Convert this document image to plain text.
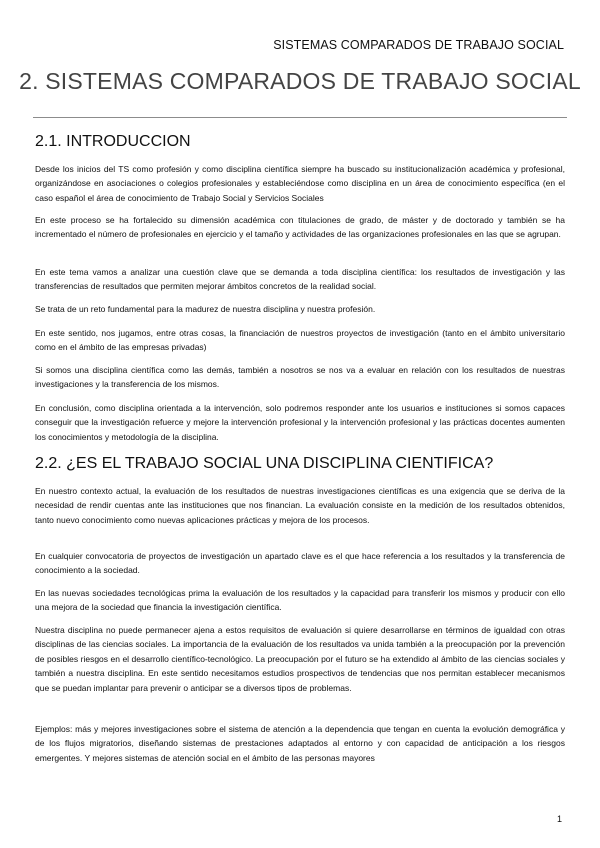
SISTEMAS COMPARADOS DE TRABAJO SOCIAL
2. SISTEMAS COMPARADOS DE TRABAJO SOCIAL
2.1. INTRODUCCION

Desde los inicios del TS como profesión y como disciplina científica siempre ha buscado su institucionalización académica y profesional, organizándose en asociaciones o colegios profesionales y estableciéndose como disciplina en un área de conocimiento específica (en el caso español el área de conocimiento de Trabajo Social y Servicios Sociales

En este proceso se ha fortalecido su dimensión académica con titulaciones de grado, de máster y de doctorado y también se ha incrementado el número de profesionales en ejercicio y el tamaño y actividades de las organizaciones profesionales en las que se agrupan.

En este tema vamos a analizar una cuestión clave que se demanda a toda disciplina científica: los resultados de investigación y las transferencias de resultados que permiten mejorar ámbitos concretos de la realidad social.

Se trata de un reto fundamental para la madurez de nuestra disciplina y nuestra profesión.

En este sentido, nos jugamos, entre otras cosas, la financiación de nuestros proyectos de investigación (tanto en el ámbito universitario como en el ámbito de las empresas privadas)

Si somos una disciplina científica como las demás, también a nosotros se nos va a evaluar en relación con los resultados de nuestras investigaciones y la transferencia de los mismos.

En conclusión, como disciplina orientada a la intervención, solo podremos responder ante los usuarios e instituciones si somos capaces conseguir que la investigación refuerce y mejore la intervención profesional y la intervención profesional y las prácticas docentes aumenten los conocimientos y metodología de la disciplina.

2.2. ¿ES EL TRABAJO SOCIAL UNA DISCIPLINA CIENTIFICA?

En nuestro contexto actual, la evaluación de los resultados de nuestras investigaciones científicas es una exigencia que se deriva de la necesidad de rendir cuentas ante las instituciones que nos financian. La evaluación consiste en la medición de los resultados obtenidos, tanto nuevo conocimiento como nuevas aplicaciones prácticas y mejora de los procesos.

En cualquier convocatoria de proyectos de investigación un apartado clave es el que hace referencia a los resultados y la transferencia de conocimiento a la sociedad.

En las nuevas sociedades tecnológicas prima la evaluación de los resultados y la capacidad para transferir los mismos y producir con ello una mejora de la sociedad que financia la investigación científica.

Nuestra disciplina no puede permanecer ajena a estos requisitos de evaluación si quiere desarrollarse en términos de igualdad con otras disciplinas de las ciencias sociales. La importancia de la evaluación de los resultados va unida también a la preocupación por la prevención de posibles riesgos en el desarrollo científico-tecnológico. La preocupación por el futuro se ha extendido al ámbito de las ciencias sociales y también a nuestra disciplina. En este sentido necesitamos estudios prospectivos de tendencias que nos permitan establecer mecanismos que se puedan implantar para prevenir o anticipar se a diversos tipos de problemas.

Ejemplos: más y mejores investigaciones sobre el sistema de atención a la dependencia que tengan en cuenta la evolución demográfica y de los flujos migratorios, diseñando sistemas de prestaciones adaptados al entorno y con capacidad de anticipación a los riesgos emergentes. Y mejores sistemas de atención social en el ámbito de las personas mayores

1
